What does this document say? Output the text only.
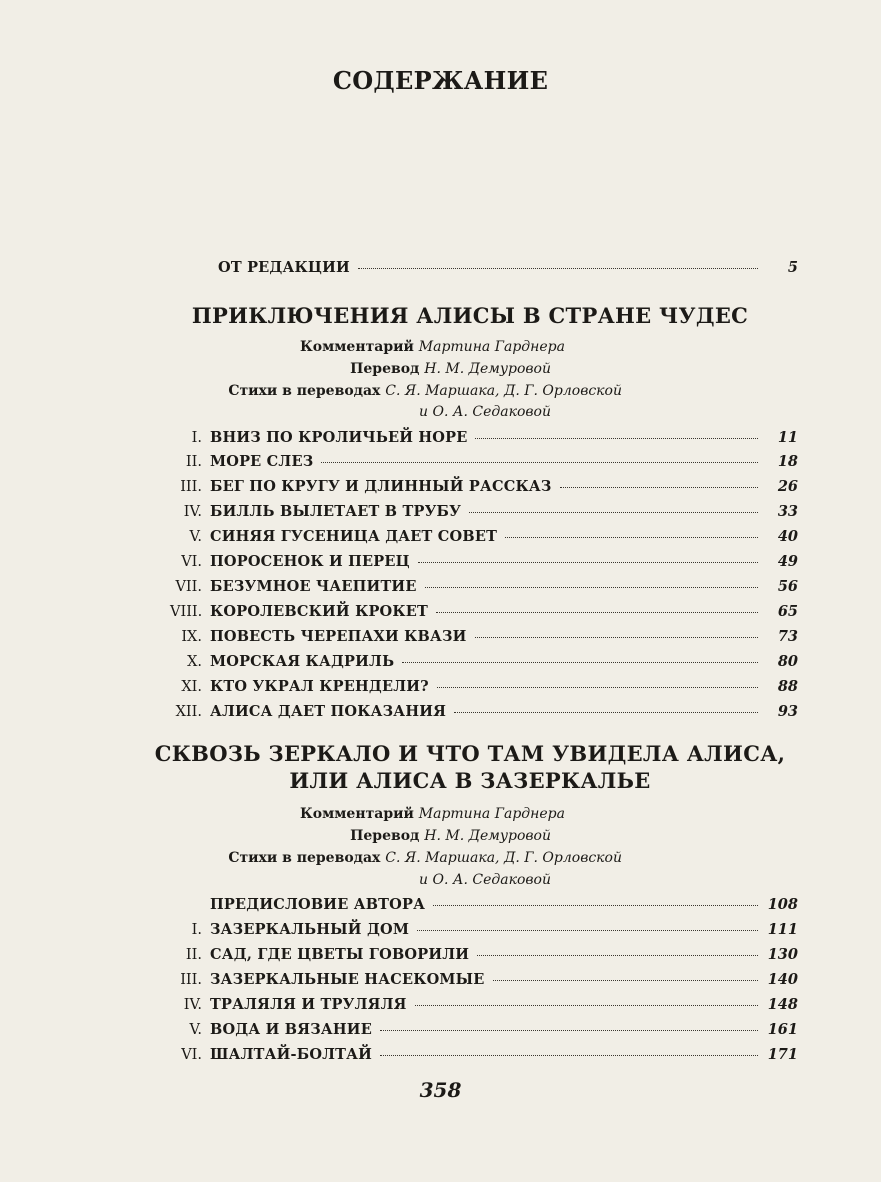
СОДЕРЖАНИЕ
ОТ РЕДАКЦИИ	5
ПРИКЛЮЧЕНИЯ АЛИСЫ В СТРАНЕ ЧУДЕС
Комментарий Мартина Гарднера
Перевод Н. М. Демуровой
Стихи в переводах С. Я. Маршака, Д. Г. Орловской
и О. А. Седаковой
I. ВНИЗ ПО КРОЛИЧЬЕЙ НОРЕ	11
II. МОРЕ СЛЕЗ	18
III. БЕГ ПО КРУГУ И ДЛИННЫЙ РАССКАЗ	26
IV. БИЛЛЬ ВЫЛЕТАЕТ В ТРУБУ	33
V. СИНЯЯ ГУСЕНИЦА ДАЕТ СОВЕТ	40
VI. ПОРОСЕНОК И ПЕРЕЦ	49
VII. БЕЗУМНОЕ ЧАЕПИТИЕ	56
VIII. КОРОЛЕВСКИЙ КРОКЕТ	65
IX. ПОВЕСТЬ ЧЕРЕПАХИ КВАЗИ	73
X. МОРСКАЯ КАДРИЛЬ	80
XI. КТО УКРАЛ КРЕНДЕЛИ?	88
XII. АЛИСА ДАЕТ ПОКАЗАНИЯ	93
СКВОЗЬ ЗЕРКАЛО И ЧТО ТАМ УВИДЕЛА АЛИСА,
ИЛИ АЛИСА В ЗАЗЕРКАЛЬЕ
Комментарий Мартина Гарднера
Перевод Н. М. Демуровой
Стихи в переводах С. Я. Маршака, Д. Г. Орловской
и О. А. Седаковой
ПРЕДИСЛОВИЕ АВТОРА	108
I. ЗАЗЕРКАЛЬНЫЙ ДОМ	111
II. САД, ГДЕ ЦВЕТЫ ГОВОРИЛИ	130
III. ЗАЗЕРКАЛЬНЫЕ НАСЕКОМЫЕ	140
IV. ТРАЛЯЛЯ И ТРУЛЯЛЯ	148
V. ВОДА И ВЯЗАНИЕ	161
VI. ШАЛТАЙ-БОЛТАЙ	171
358
